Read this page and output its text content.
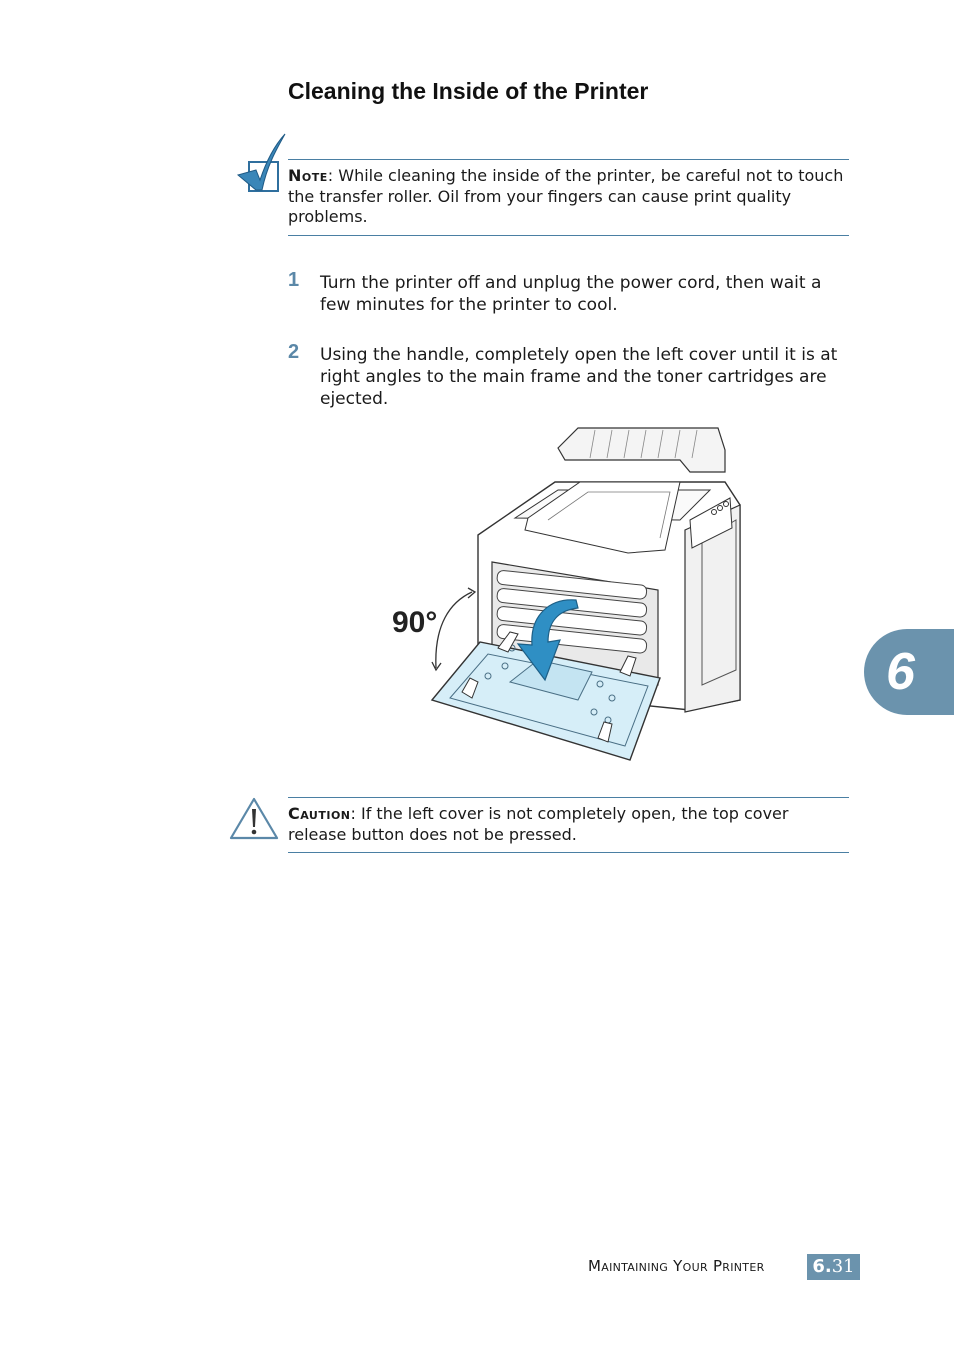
Cleaning the Inside of the Printer
Note: While cleaning the inside of the printer, be careful not to touch the transfer roller. Oil from your fingers can cause print quality problems.
1 Turn the printer off and unplug the power cord, then wait a few minutes for the printer to cool.
2 Using the handle, completely open the left cover until it is at right angles to the main frame and the toner cartridges are ejected.
90°
Caution: If the left cover is not completely open, the top cover release button does not be pressed.
6
Maintaining Your Printer	6.31
